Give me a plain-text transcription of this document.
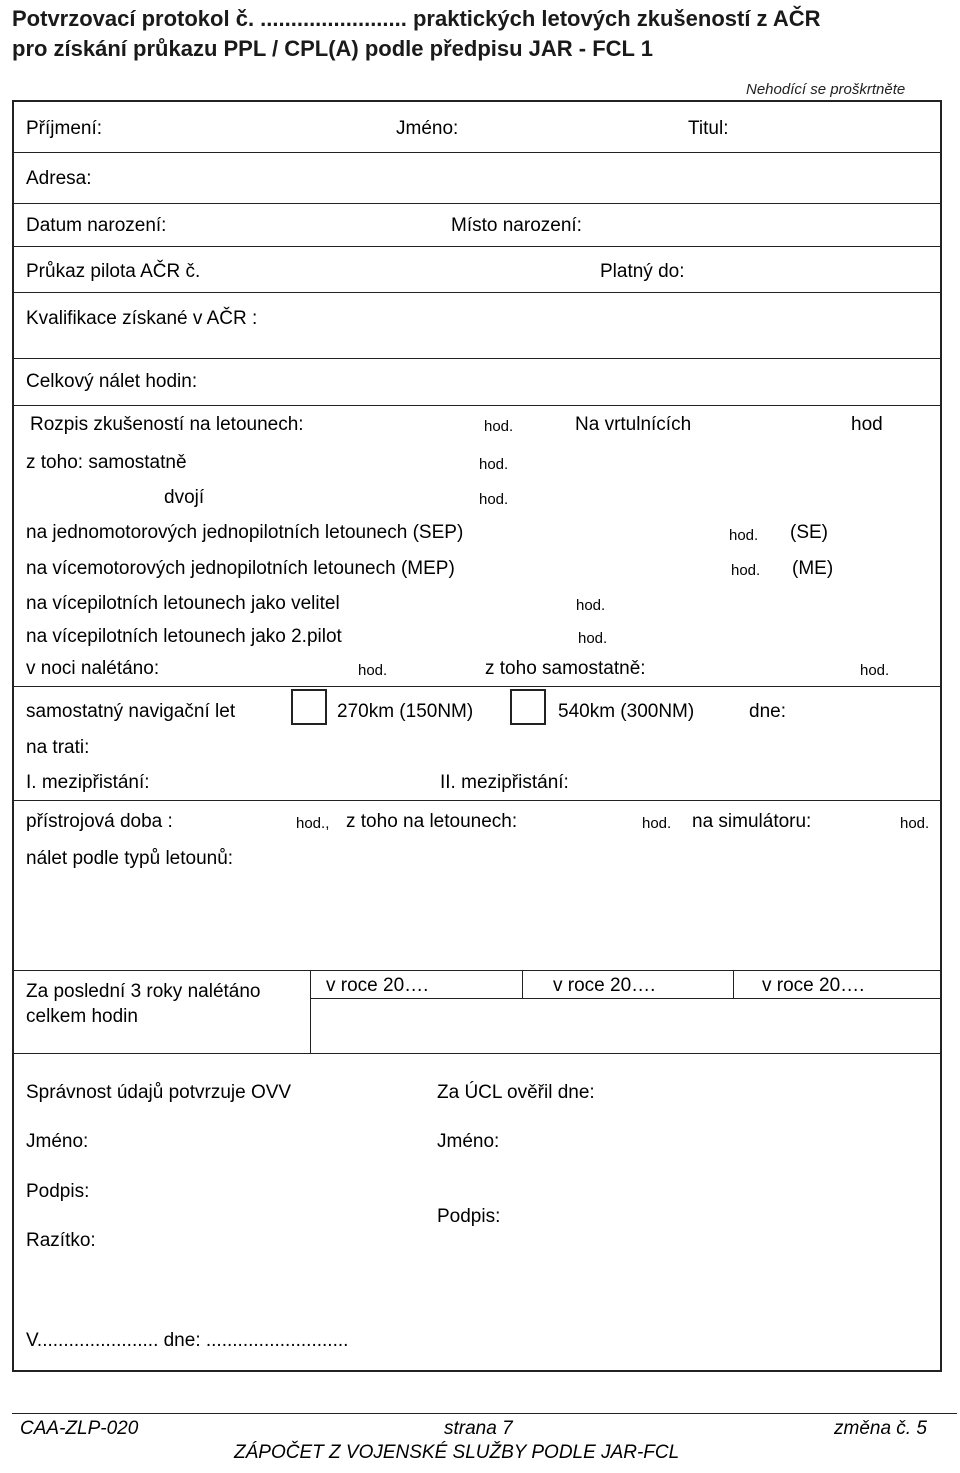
Potvrzovací protokol č. ........................ praktických letových zkušeností z AČR
pro získání průkazu PPL / CPL(A) podle předpisu JAR - FCL 1
Nehodící se proškrtněte
Příjmení:	Jméno:	Titul:
Adresa:
Datum narození:	Místo narození:
Průkaz pilota AČR č.	Platný do:
Kvalifikace získané v AČR :
Celkový nálet hodin:
Rozpis zkušeností na letounech:	hod.	Na vrtulnících	hod
z toho: samostatně	hod.
dvojí	hod.
na jednomotorových jednopilotních letounech (SEP)	hod. (SE)
na vícemotorových jednopilotních letounech (MEP)	hod. (ME)
na vícepilotních letounech jako velitel	hod.
na vícepilotních letounech jako 2.pilot	hod.
v noci nalétáno:	hod.	z toho samostatně:	hod.
samostatný navigační let	270km (150NM)	540km (300NM)	dne:
na trati:
I. mezipřistání:	II. mezipřistání:
přístrojová doba :	hod., z toho na letounech:	hod. na simulátoru:	hod.
nálet podle typů letounů:
Za poslední 3 roky nalétáno
celkem hodin
v roce 20….	v roce 20….	v roce 20….
Správnost údajů potvrzuje OVV
Jméno:
Podpis:
Razítko:
Za ÚCL ověřil dne:
Jméno:
Podpis:
V....................... dne: ...........................
CAA-ZLP-020	strana 7	změna č. 5
ZÁPOČET Z VOJENSKÉ SLUŽBY PODLE JAR-FCL
